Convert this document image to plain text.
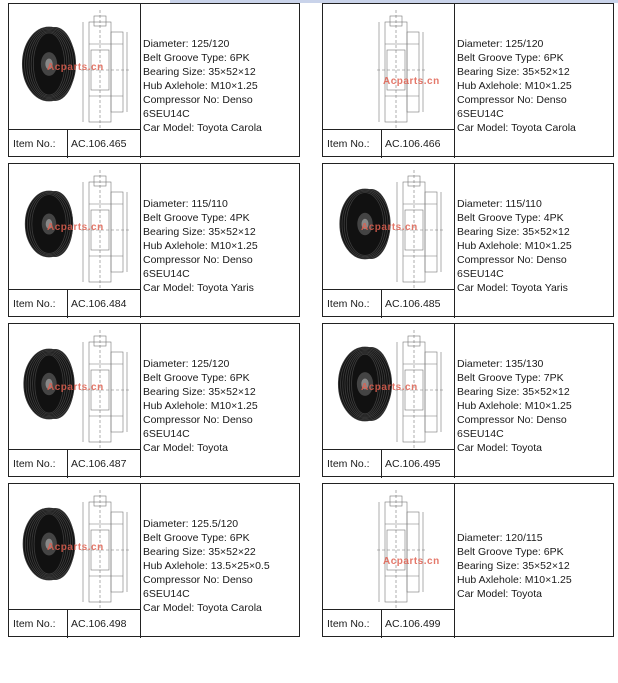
Acparts.cn
Item No.:	AC.106.465
Diameter: 125/120
Belt Groove Type: 6PK
Bearing Size: 35×52×12
Hub Axlehole: M10×1.25
Compressor No: Denso
6SEU14C
Car Model: Toyota Carola
Acparts.cn
Item No.:	AC.106.466
Diameter: 125/120
Belt Groove Type: 6PK
Bearing Size: 35×52×12
Hub Axlehole: M10×1.25
Compressor No: Denso
6SEU14C
Car Model: Toyota Carola
Acparts.cn
Item No.:	AC.106.484
Diameter: 115/110
Belt Groove Type: 4PK
Bearing Size: 35×52×12
Hub Axlehole: M10×1.25
Compressor No: Denso
6SEU14C
Car Model: Toyota Yaris
Acparts.cn
Item No.:	AC.106.485
Diameter: 115/110
Belt Groove Type: 4PK
Bearing Size: 35×52×12
Hub Axlehole: M10×1.25
Compressor No: Denso
6SEU14C
Car Model: Toyota Yaris
Acparts.cn
Item No.:	AC.106.487
Diameter: 125/120
Belt Groove Type: 6PK
Bearing Size: 35×52×12
Hub Axlehole: M10×1.25
Compressor No: Denso
6SEU14C
Car Model: Toyota
Acparts.cn
Item No.:	AC.106.495
Diameter: 135/130
Belt Groove Type: 7PK
Bearing Size: 35×52×12
Hub Axlehole: M10×1.25
Compressor No: Denso
6SEU14C
Car Model: Toyota
Acparts.cn
Item No.:	AC.106.498
Diameter: 125.5/120
Belt Groove Type: 6PK
Bearing Size: 35×52×22
Hub Axlehole: 13.5×25×0.5
Compressor No: Denso
6SEU14C
Car Model: Toyota Carola
Acparts.cn
Item No.:	AC.106.499
Diameter: 120/115
Belt Groove Type: 6PK
Bearing Size: 35×52×12
Hub Axlehole: M10×1.25
Car Model: Toyota
